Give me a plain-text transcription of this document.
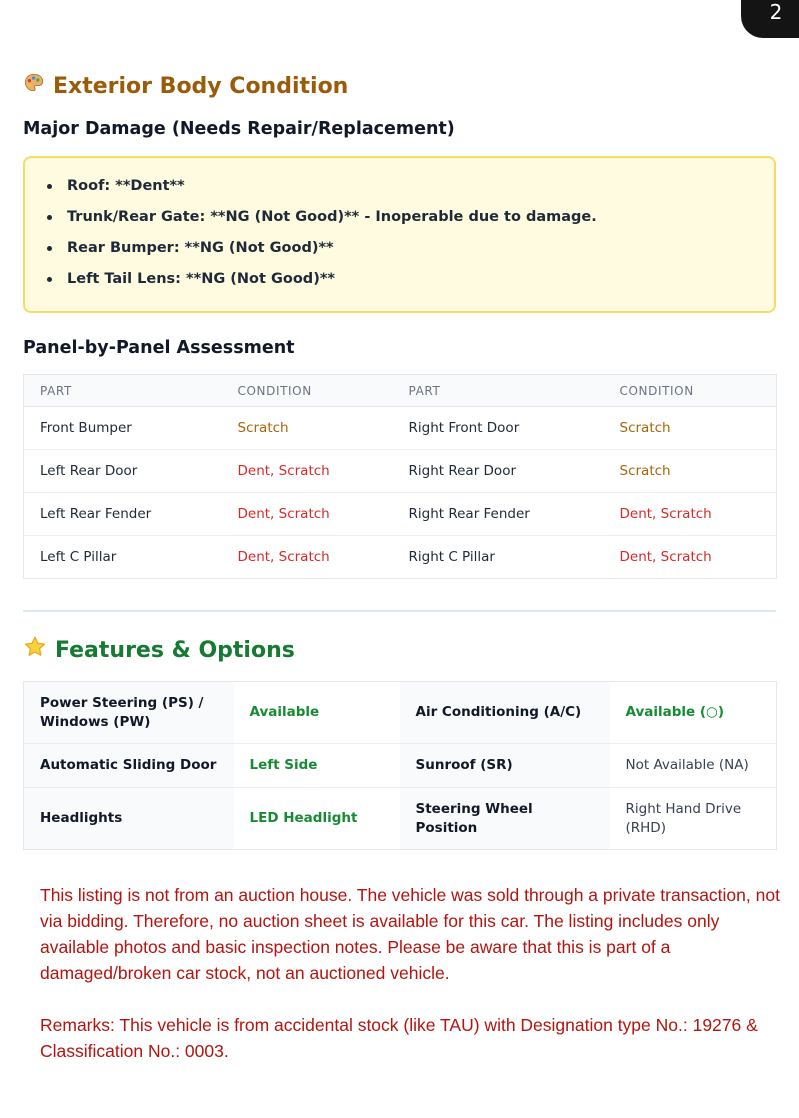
2
Exterior Body Condition
Major Damage (Needs Repair/Replacement)
Roof: **Dent**
Trunk/Rear Gate: **NG (Not Good)** - Inoperable due to damage.
Rear Bumper: **NG (Not Good)**
Left Tail Lens: **NG (Not Good)**
Panel-by-Panel Assessment
PART	CONDITION	PART	CONDITION
Front Bumper	Scratch	Right Front Door	Scratch
Left Rear Door	Dent, Scratch	Right Rear Door	Scratch
Left Rear Fender	Dent, Scratch	Right Rear Fender	Dent, Scratch
Left C Pillar	Dent, Scratch	Right C Pillar	Dent, Scratch
Features & Options
Power Steering (PS) / Windows (PW)	Available	Air Conditioning (A/C)	Available (○)
Automatic Sliding Door	Left Side	Sunroof (SR)	Not Available (NA)
Headlights	LED Headlight	Steering Wheel Position	Right Hand Drive (RHD)

This listing is not from an auction house. The vehicle was sold through a private transaction, not via bidding. Therefore, no auction sheet is available for this car. The listing includes only available photos and basic inspection notes. Please be aware that this is part of a damaged/broken car stock, not an auctioned vehicle.

Remarks: This vehicle is from accidental stock (like TAU) with Designation type No.: 19276 & Classification No.: 0003.
